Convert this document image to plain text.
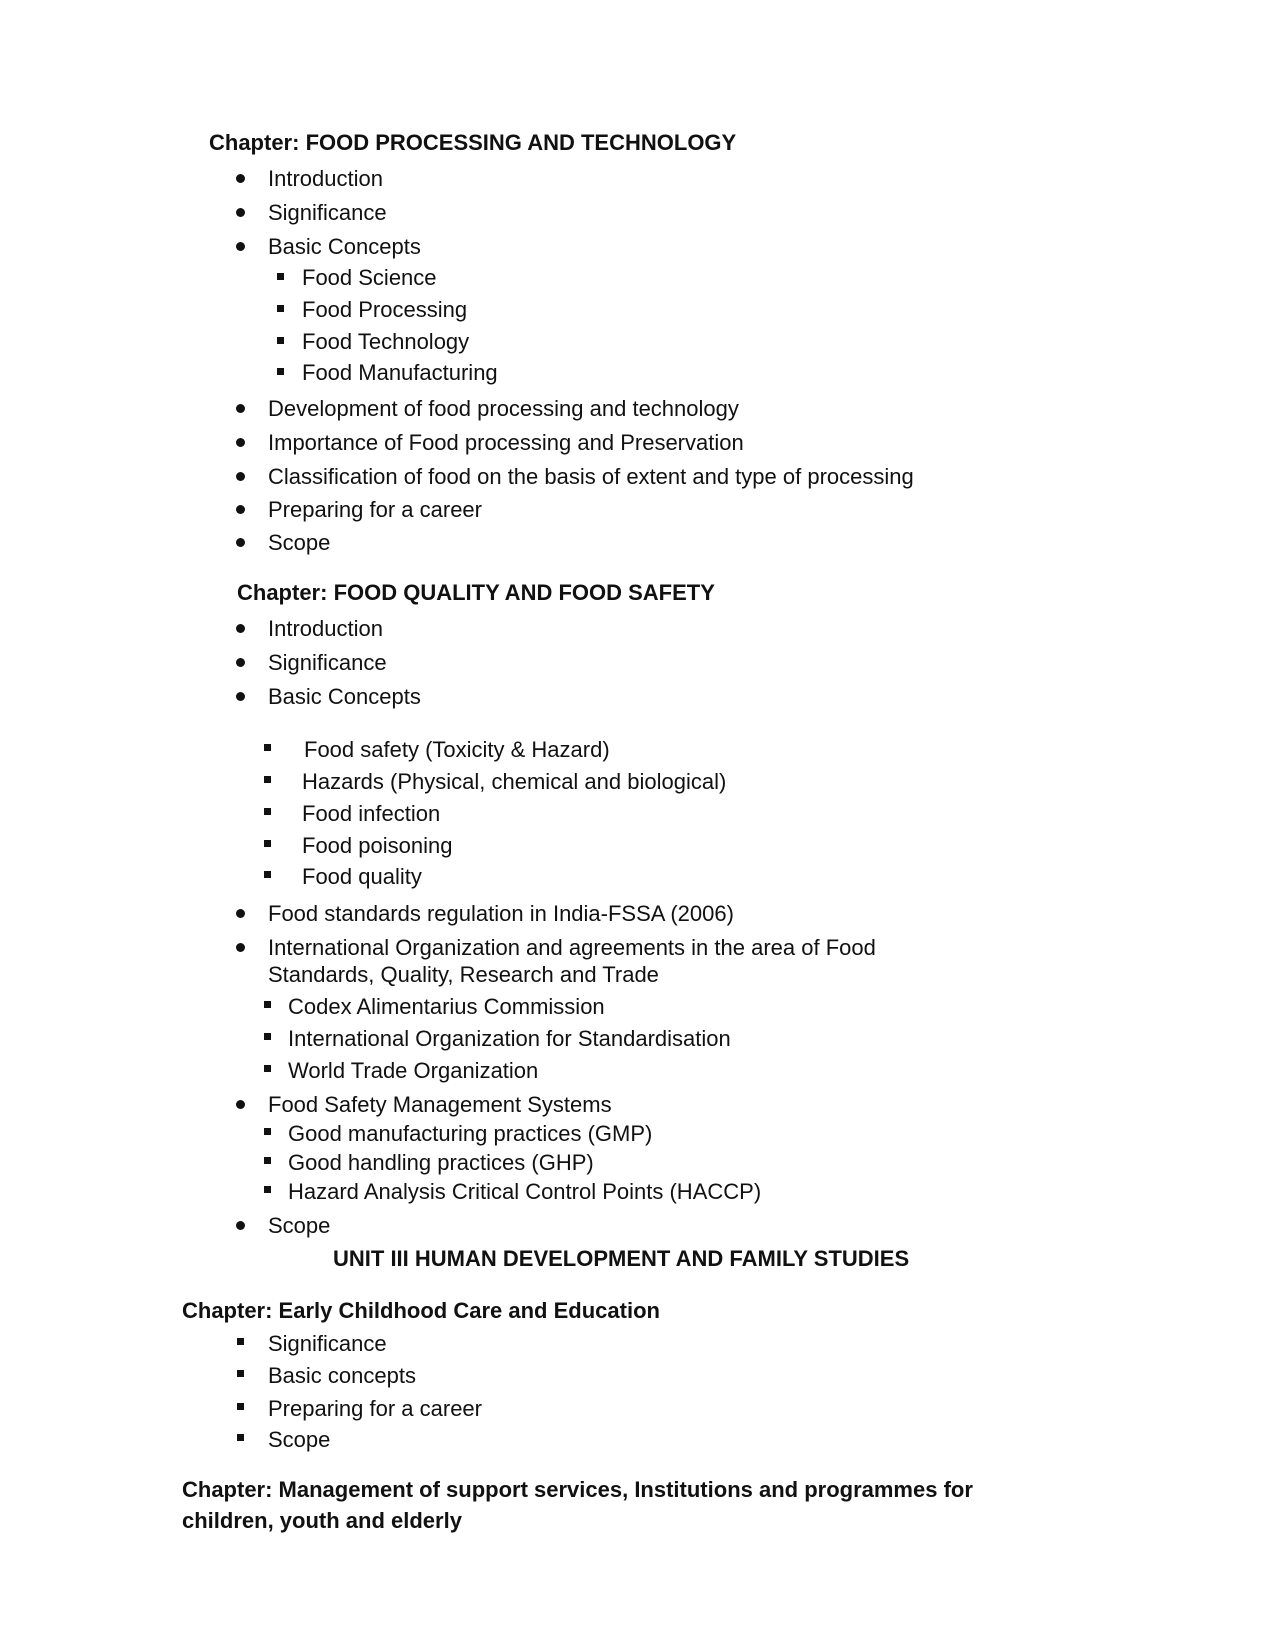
Chapter: FOOD PROCESSING AND TECHNOLOGY
Introduction
Significance
Basic Concepts
Food Science
Food Processing
Food Technology
Food Manufacturing
Development of food processing and technology
Importance of Food processing and Preservation
Classification of food on the basis of extent and type of processing
Preparing for a career
Scope
Chapter: FOOD QUALITY AND FOOD SAFETY
Introduction
Significance
Basic Concepts
Food safety (Toxicity & Hazard)
Hazards (Physical, chemical and biological)
Food infection
Food poisoning
Food quality
Food standards regulation in India-FSSA (2006)
International Organization and agreements in the area of Food
Standards, Quality, Research and Trade
Codex Alimentarius Commission
International Organization for Standardisation
World Trade Organization
Food Safety Management Systems
Good manufacturing practices (GMP)
Good handling practices (GHP)
Hazard Analysis Critical Control Points (HACCP)
Scope
UNIT III HUMAN DEVELOPMENT AND FAMILY STUDIES
Chapter: Early Childhood Care and Education
Significance
Basic concepts
Preparing for a career
Scope
Chapter: Management of support services, Institutions and programmes for
children, youth and elderly
